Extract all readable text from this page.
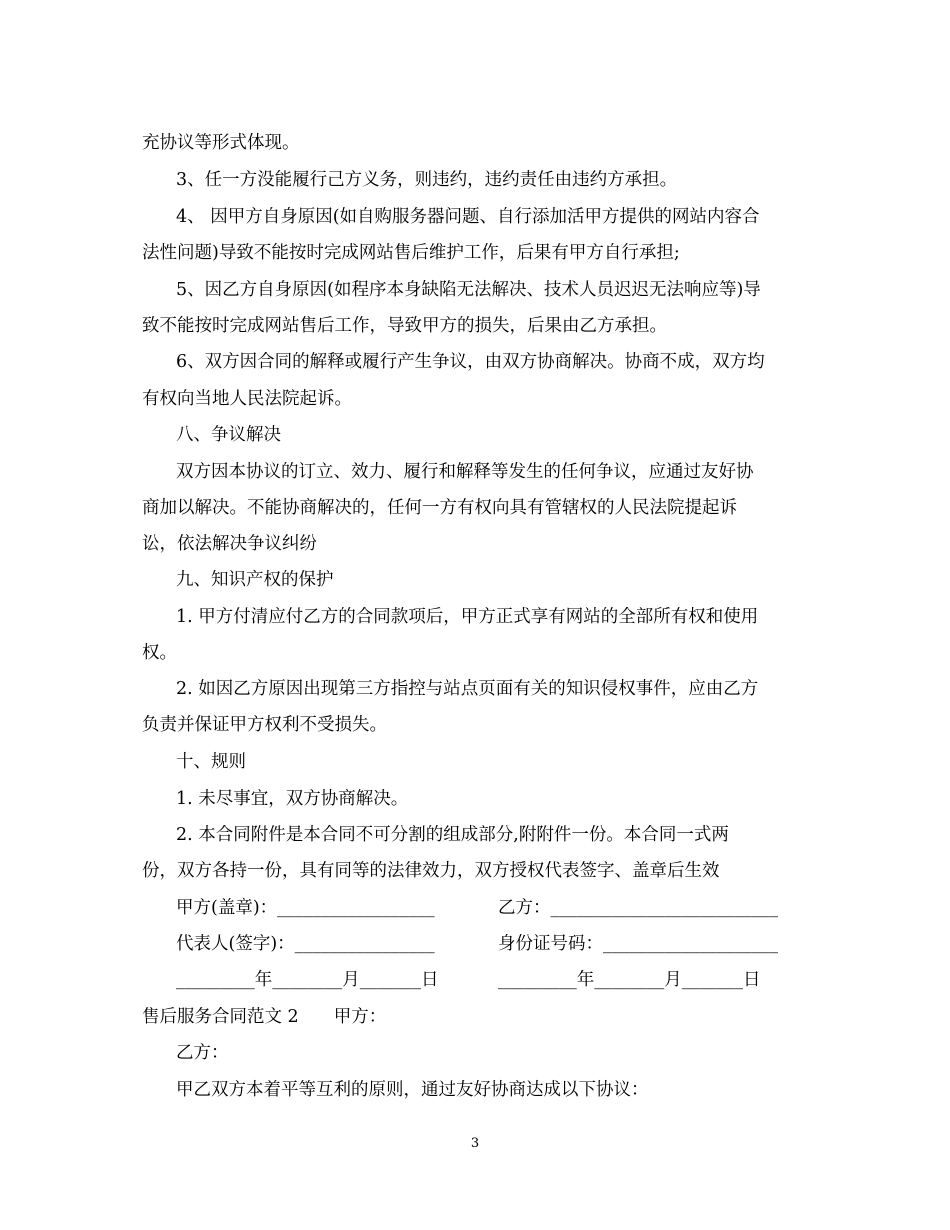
充协议等形式体现。
3、任一方没能履行己方义务，则违约，违约责任由违约方承担。
4、 因甲方自身原因(如自购服务器问题、自行添加活甲方提供的网站内容合
法性问题)导致不能按时完成网站售后维护工作，后果有甲方自行承担;
5、因乙方自身原因(如程序本身缺陷无法解决、技术人员迟迟无法响应等)导
致不能按时完成网站售后工作，导致甲方的损失，后果由乙方承担。
6、双方因合同的解释或履行产生争议，由双方协商解决。协商不成，双方均
有权向当地人民法院起诉。
八、争议解决
双方因本协议的订立、效力、履行和解释等发生的任何争议，应通过友好协
商加以解决。不能协商解决的，任何一方有权向具有管辖权的人民法院提起诉
讼，依法解决争议纠纷
九、知识产权的保护
1. 甲方付清应付乙方的合同款项后，甲方正式享有网站的全部所有权和使用
权。
2. 如因乙方原因出现第三方指控与站点页面有关的知识侵权事件，应由乙方
负责并保证甲方权利不受损失。
十、规则
1. 未尽事宜，双方协商解决。
2. 本合同附件是本合同不可分割的组成部分,附附件一份。本合同一式两
份，双方各持一份，具有同等的法律效力，双方授权代表签字、盖章后生效
甲方(盖章)：__________________	乙方：__________________________
代表人(签字)：________________	身份证号码：____________________
_________年________月_______日	_________年________月_______日
售后服务合同范文 2　　甲方：
乙方：
甲乙双方本着平等互利的原则，通过友好协商达成以下协议：
3
